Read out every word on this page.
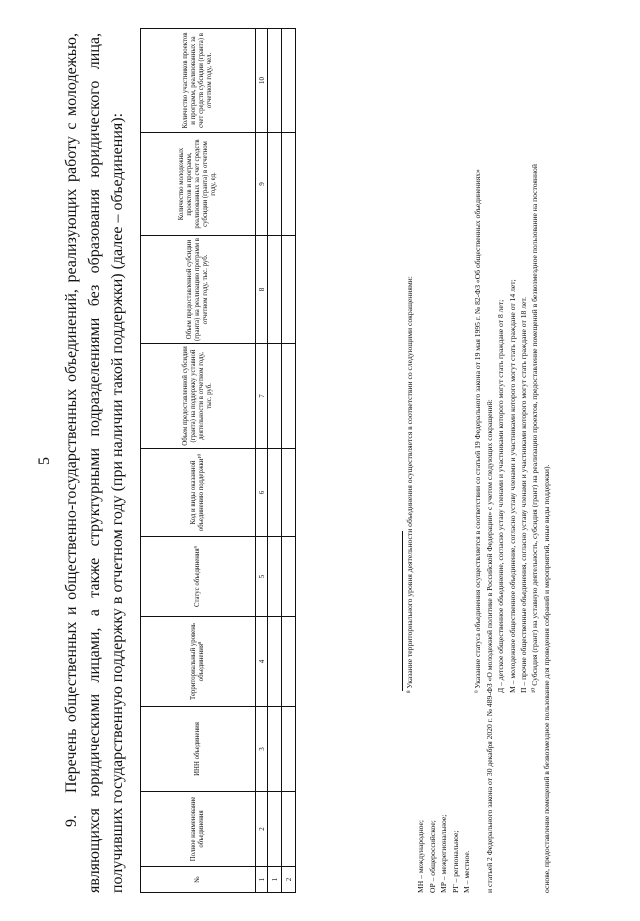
5
9.Перечень общественных и общественно-государственных объединений, реализующих работу с молодежью, являющихся юридическими лицами, а также структурными подразделениями без образования юридического лица, получивших государственную поддержку в отчетном году (при наличии такой поддержки) (далее – объединения):	№	Полное наименование объединения	ИНН объединения	Территориальный уровень объединения⁸	Статус объединения⁹	Код и виды оказанной объединению поддержки¹⁰	Объем предоставленной субсидии (гранта) на поддержку уставной деятельности в отчетном году, тыс. руб.	Объем предоставленной субсидии (гранта) на реализацию программ в отчетном году, тыс. руб.	Количество молодежных проектов и программ, реализованных за счет средств субсидии (гранта) в отчетном году, ед.	Количество участников проектов и программ, реализованных за счет средств субсидии (гранта) в отчетном году, чел.
1	2	3	4	5	6	7	8	9	10
1									
2									

⁸ Указание территориального уровня деятельности объединения осуществляется в соответствии со следующими сокращениями:

МН – международное; ОР – общероссийское; МР – межрегиональное; РГ – региональное; М – местное.

⁹ Указание статуса объединения осуществляется в соответствии со статьей 19 Федерального закона от 19 мая 1995 г. № 82-ФЗ «Об общественных объединениях» и статьей 2 Федерального закона от 30 декабря 2020 г. № 489-ФЗ «О молодежной политике в Российской Федерации» с учетом следующих сокращений: Д – детское общественное объединение, согласно уставу членами и участниками которого могут стать граждане от 8 лет; М – молодежное общественное объединение, согласно уставу членами и участниками которого могут стать граждане от 14 лет; П – прочие общественные объединения, согласно уставу членами и участниками которого могут стать граждане от 18 лет. ¹⁰ Субсидия (грант) на уставную деятельность, субсидия (грант) на реализацию проектов, предоставление помещений в безвозмездное пользование на постоянной основе, предоставление помещений в безвозмездное пользование для проведения собраний и мероприятий, иные виды поддержки).
